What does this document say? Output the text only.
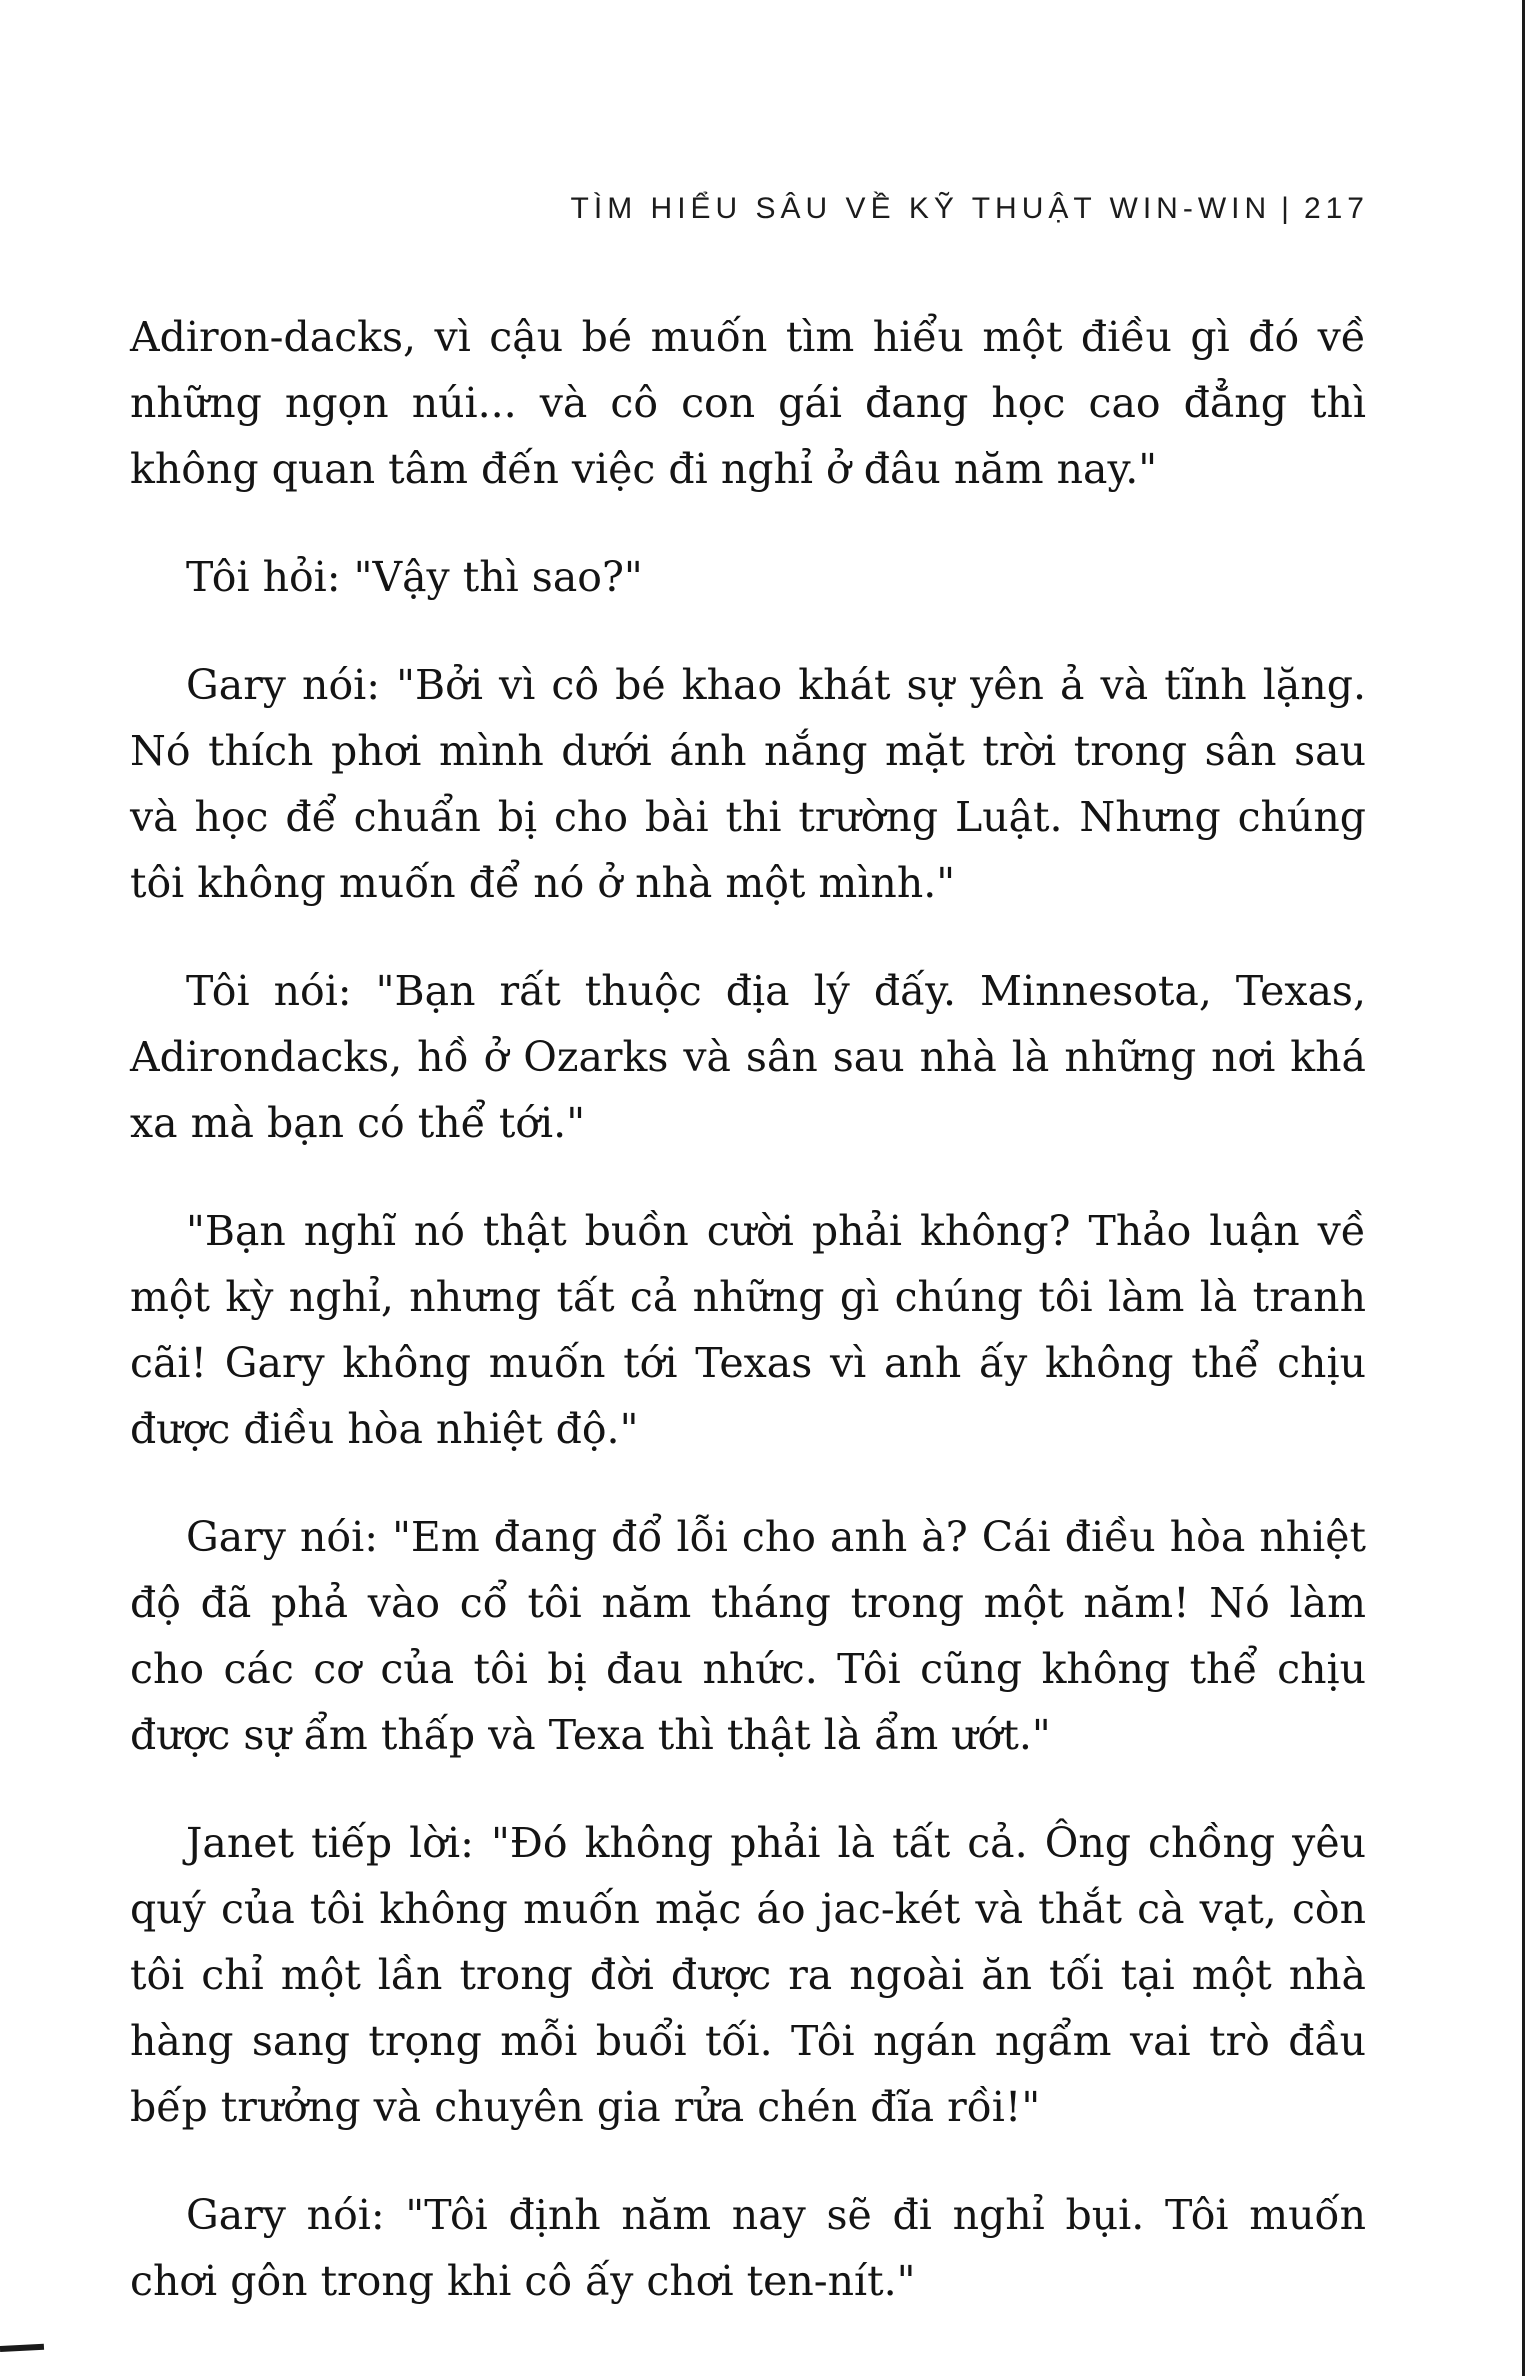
TÌM HIỂU SÂU VỀ KỸ THUẬT WIN-WIN | 217

Adiron-dacks, vì cậu bé muốn tìm hiểu một điều gì đó về những ngọn núi... và cô con gái đang học cao đẳng thì không quan tâm đến việc đi nghỉ ở đâu năm nay."

Tôi hỏi: "Vậy thì sao?"

Gary nói: "Bởi vì cô bé khao khát sự yên ả và tĩnh lặng. Nó thích phơi mình dưới ánh nắng mặt trời trong sân sau và học để chuẩn bị cho bài thi trường Luật. Nhưng chúng tôi không muốn để nó ở nhà một mình."

Tôi nói: "Bạn rất thuộc địa lý đấy. Minnesota, Texas, Adirondacks, hồ ở Ozarks và sân sau nhà là những nơi khá xa mà bạn có thể tới."

"Bạn nghĩ nó thật buồn cười phải không? Thảo luận về một kỳ nghỉ, nhưng tất cả những gì chúng tôi làm là tranh cãi! Gary không muốn tới Texas vì anh ấy không thể chịu được điều hòa nhiệt độ."

Gary nói: "Em đang đổ lỗi cho anh à? Cái điều hòa nhiệt độ đã phả vào cổ tôi năm tháng trong một năm! Nó làm cho các cơ của tôi bị đau nhức. Tôi cũng không thể chịu được sự ẩm thấp và Texa thì thật là ẩm ướt."

Janet tiếp lời: "Đó không phải là tất cả. Ông chồng yêu quý của tôi không muốn mặc áo jac-két và thắt cà vạt, còn tôi chỉ một lần trong đời được ra ngoài ăn tối tại một nhà hàng sang trọng mỗi buổi tối. Tôi ngán ngẩm vai trò đầu bếp trưởng và chuyên gia rửa chén đĩa rồi!"

Gary nói: "Tôi định năm nay sẽ đi nghỉ bụi. Tôi muốn chơi gôn trong khi cô ấy chơi ten-nít."
